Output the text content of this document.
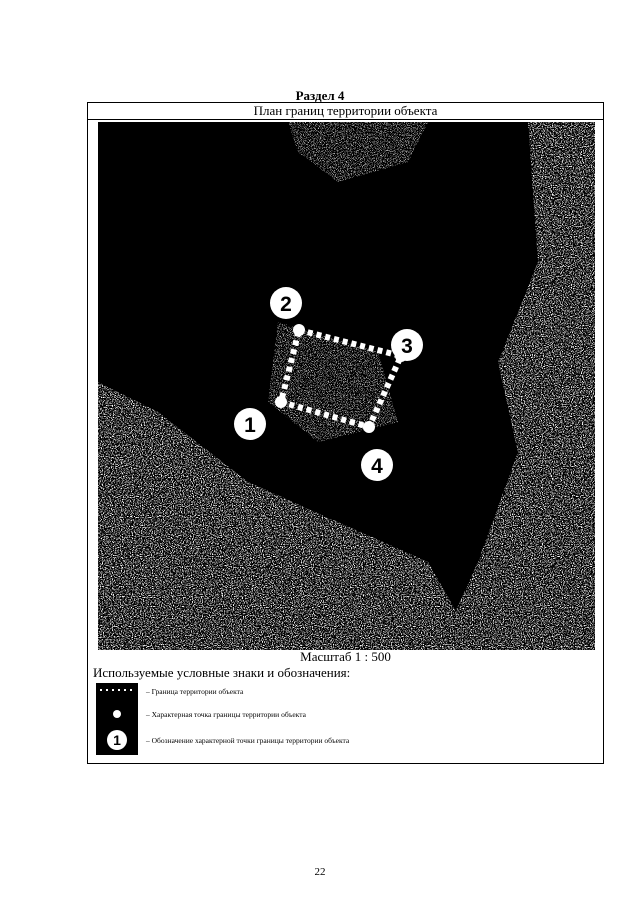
Раздел 4
План границ территории объекта
1
2
3
4
Масштаб 1 : 500
Используемые условные знаки и обозначения:
– Граница территории объекта
– Характерная точка границы территории объекта
1	– Обозначение характерной точки границы территории объекта
22
